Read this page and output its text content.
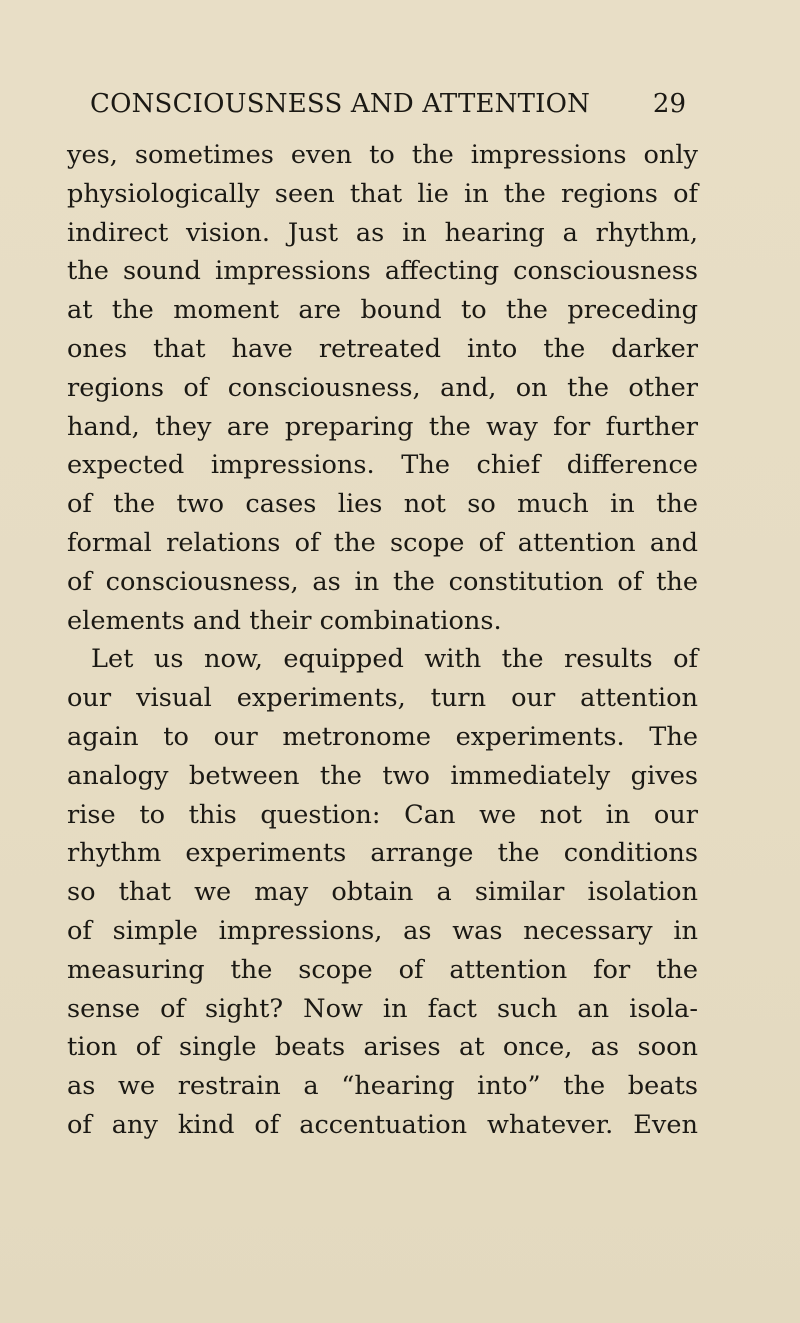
CONSCIOUSNESS AND ATTENTION 29
yes, sometimes even to the impressions only
physiologically seen that lie in the regions of
indirect vision. Just as in hearing a rhythm,
the sound impressions affecting consciousness
at the moment are bound to the preceding
ones that have retreated into the darker
regions of consciousness, and, on the other
hand, they are preparing the way for further
expected impressions. The chief difference
of the two cases lies not so much in the
formal relations of the scope of attention and
of consciousness, as in the constitution of the
elements and their combinations.
Let us now, equipped with the results of
our visual experiments, turn our attention
again to our metronome experiments. The
analogy between the two immediately gives
rise to this question: Can we not in our
rhythm experiments arrange the conditions
so that we may obtain a similar isolation
of simple impressions, as was necessary in
measuring the scope of attention for the
sense of sight? Now in fact such an isola-
tion of single beats arises at once, as soon
as we restrain a “hearing into” the beats
of any kind of accentuation whatever. Even
